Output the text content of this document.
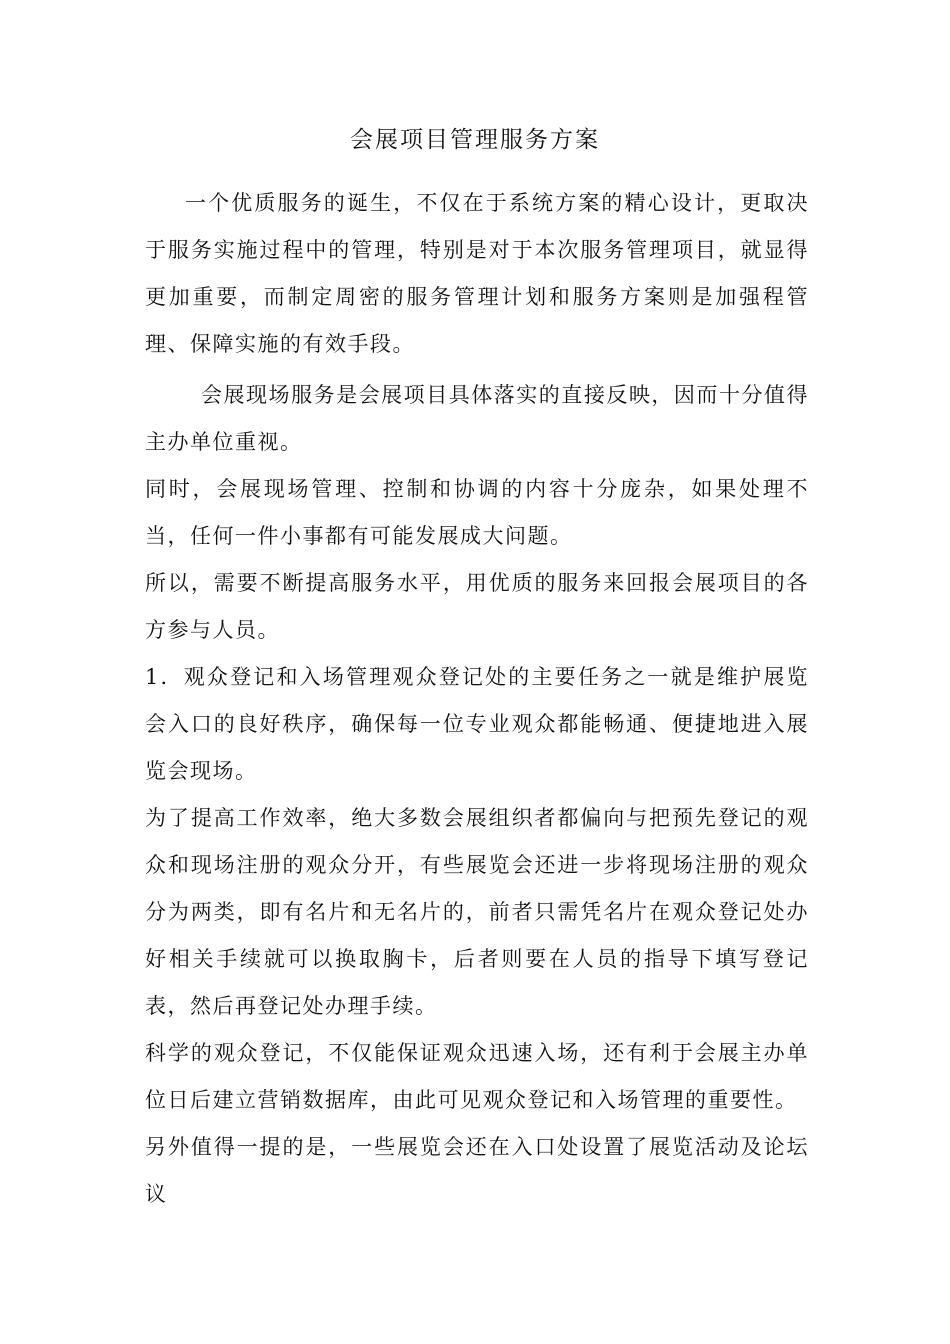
会展项目管理服务方案

一个优质服务的诞生，不仅在于系统方案的精心设计，更取决于服务实施过程中的管理，特别是对于本次服务管理项目，就显得更加重要，而制定周密的服务管理计划和服务方案则是加强程管理、保障实施的有效手段。

会展现场服务是会展项目具体落实的直接反映，因而十分值得主办单位重视。

同时，会展现场管理、控制和协调的内容十分庞杂，如果处理不当，任何一件小事都有可能发展成大问题。

所以，需要不断提高服务水平，用优质的服务来回报会展项目的各方参与人员。

1．观众登记和入场管理观众登记处的主要任务之一就是维护展览会入口的良好秩序，确保每一位专业观众都能畅通、便捷地进入展览会现场。

为了提高工作效率，绝大多数会展组织者都偏向与把预先登记的观众和现场注册的观众分开，有些展览会还进一步将现场注册的观众分为两类，即有名片和无名片的，前者只需凭名片在观众登记处办好相关手续就可以换取胸卡，后者则要在人员的指导下填写登记表，然后再登记处办理手续。

科学的观众登记，不仅能保证观众迅速入场，还有利于会展主办单位日后建立营销数据库，由此可见观众登记和入场管理的重要性。

另外值得一提的是，一些展览会还在入口处设置了展览活动及论坛议
